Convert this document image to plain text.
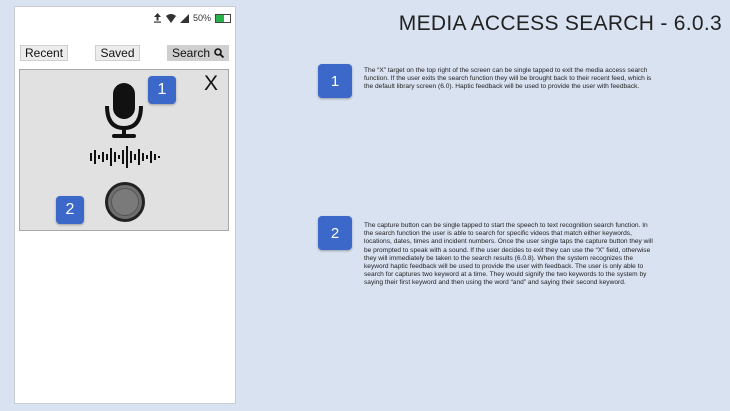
50%
Recent	Saved	Search
1	X
2
MEDIA ACCESS SEARCH - 6.0.3
1
The “X” target on the top right of the screen can be single tapped to exit the media access search function. If the user exits the search function they will be brought back to their recent feed, which is the default library screen (6.0). Haptic feedback will be used to provide the user with feedback.
2	The capture button can be single tapped to start the speech to text recognition search function. In the search function the user is able to search for specific videos that match either keywords, locations, dates, times and incident numbers. Once the user single taps the capture button they will be prompted to speak with a sound. If the user decides to exit they can use the “X” field, otherwise they will immediately be taken to the search results (6.0.8). When the system recognizes the keyword haptic feedback will be used to provide the user with feedback. The user is only able to search for captures two keyword at a time. They would signify the two keywords to the system by saying their first keyword and then using the word “and” and saying their second keyword.
